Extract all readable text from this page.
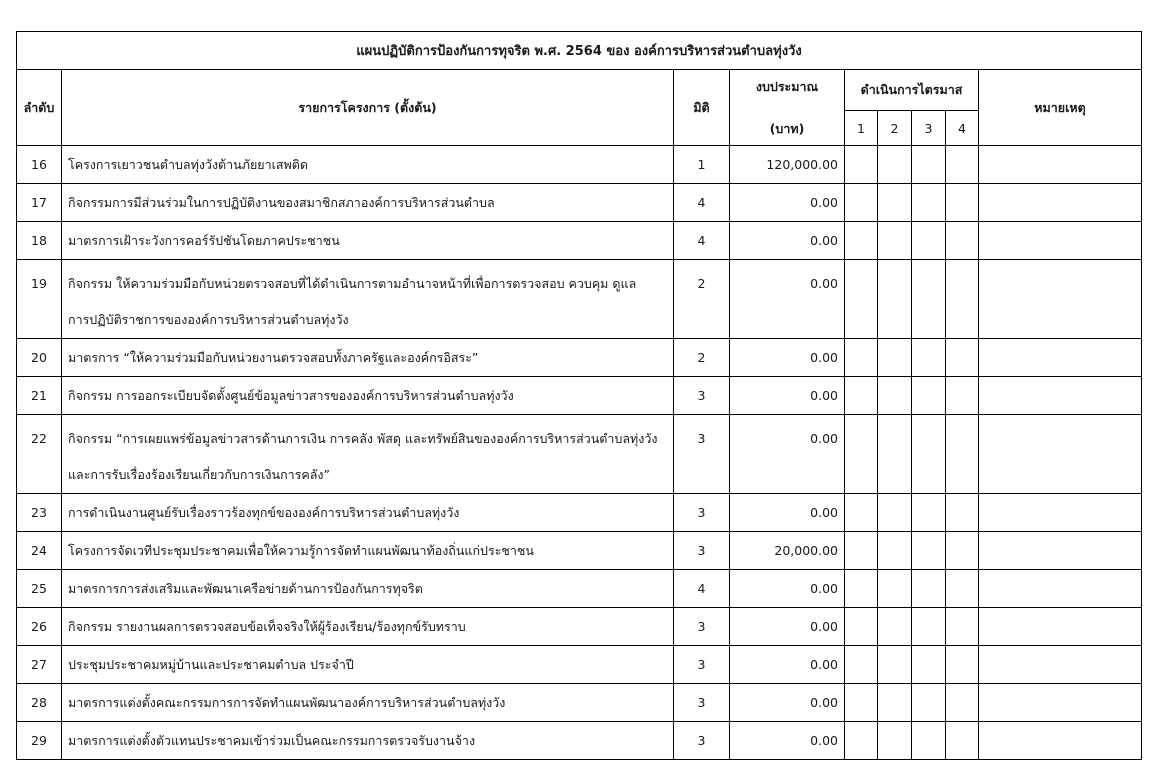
แผนปฏิบัติการป้องกันการทุจริต พ.ศ. 2564 ของ องค์การบริหารส่วนตำบลทุ่งวัง								
ลำดับ	รายการโครงการ (ตั้งต้น)	มิติ	งบประมาณ
(บาท)	ดำเนินการไตรมาส				หมายเหตุ
				1	2	3	4	
16	โครงการเยาวชนตำบลทุ่งวังต้านภัยยาเสพติด	1	120,000.00					
17	กิจกรรมการมีส่วนร่วมในการปฏิบัติงานของสมาชิกสภาองค์การบริหารส่วนตำบล	4	0.00					
18	มาตรการเฝ้าระวังการคอร์รัปชันโดยภาคประชาชน	4	0.00					
19	กิจกรรม ให้ความร่วมมือกับหน่วยตรวจสอบที่ได้ดำเนินการตามอำนาจหน้าที่เพื่อการตรวจสอบ ควบคุม ดูแล
การปฏิบัติราชการขององค์การบริหารส่วนตำบลทุ่งวัง	2	0.00					
20	มาตรการ “ให้ความร่วมมือกับหน่วยงานตรวจสอบทั้งภาครัฐและองค์กรอิสระ”	2	0.00					
21	กิจกรรม การออกระเบียบจัดตั้งศูนย์ข้อมูลข่าวสารขององค์การบริหารส่วนตำบลทุ่งวัง	3	0.00					
22	กิจกรรม “การเผยแพร่ข้อมูลข่าวสารด้านการเงิน การคลัง พัสดุ และทรัพย์สินขององค์การบริหารส่วนตำบลทุ่งวัง
และการรับเรื่องร้องเรียนเกี่ยวกับการเงินการคลัง”	3	0.00					
23	การดำเนินงานศูนย์รับเรื่องราวร้องทุกข์ขององค์การบริหารส่วนตำบลทุ่งวัง	3	0.00					
24	โครงการจัดเวทีประชุมประชาคมเพื่อให้ความรู้การจัดทำแผนพัฒนาท้องถิ่นแก่ประชาชน	3	20,000.00					
25	มาตรการการส่งเสริมและพัฒนาเครือข่ายด้านการป้องกันการทุจริต	4	0.00					
26	กิจกรรม รายงานผลการตรวจสอบข้อเท็จจริงให้ผู้ร้องเรียน/ร้องทุกข์รับทราบ	3	0.00					
27	ประชุมประชาคมหมู่บ้านและประชาคมตำบล ประจำปี	3	0.00					
28	มาตรการแต่งตั้งคณะกรรมการการจัดทำแผนพัฒนาองค์การบริหารส่วนตำบลทุ่งวัง	3	0.00					
29	มาตรการแต่งตั้งตัวแทนประชาคมเข้าร่วมเป็นคณะกรรมการตรวจรับงานจ้าง	3	0.00					
